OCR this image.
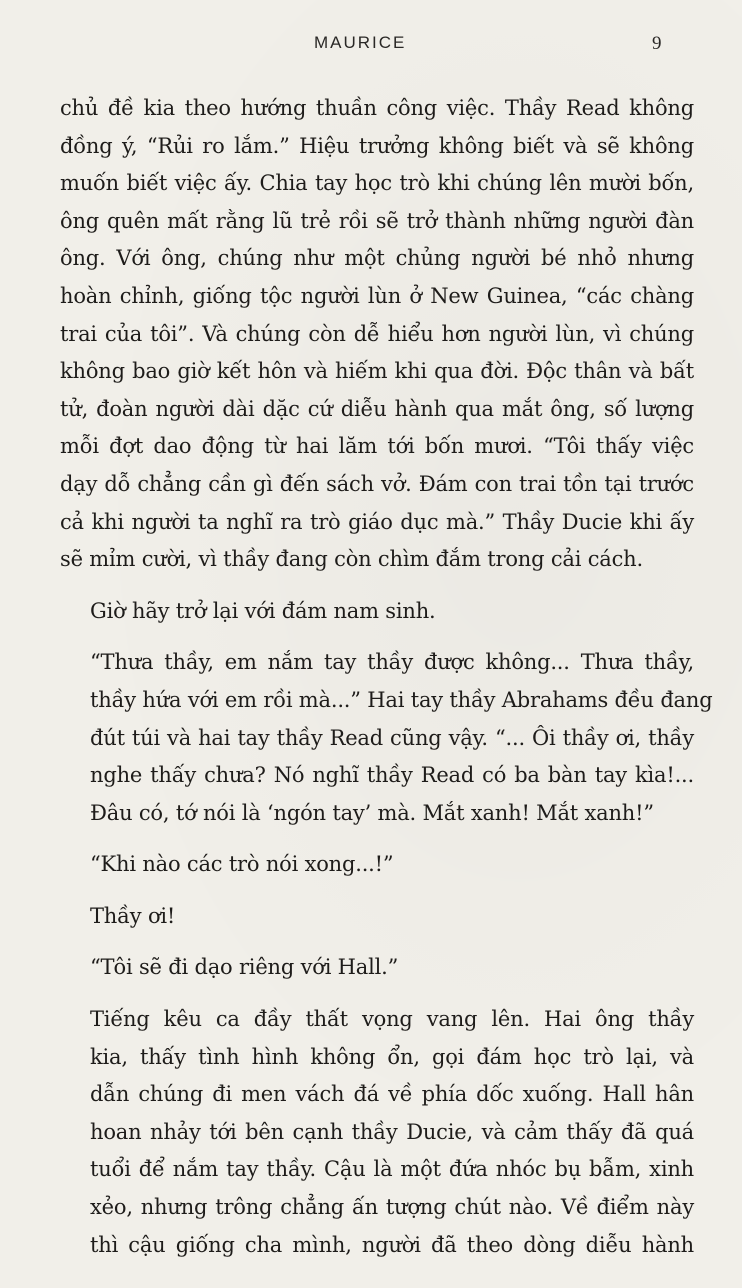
MAURICE	9

chủ đề kia theo hướng thuần công việc. Thầy Read không
đồng ý, “Rủi ro lắm.” Hiệu trưởng không biết và sẽ không
muốn biết việc ấy. Chia tay học trò khi chúng lên mười bốn,
ông quên mất rằng lũ trẻ rồi sẽ trở thành những người đàn
ông. Với ông, chúng như một chủng người bé nhỏ nhưng
hoàn chỉnh, giống tộc người lùn ở New Guinea, “các chàng
trai của tôi”. Và chúng còn dễ hiểu hơn người lùn, vì chúng
không bao giờ kết hôn và hiếm khi qua đời. Độc thân và bất
tử, đoàn người dài dặc cứ diễu hành qua mắt ông, số lượng
mỗi đợt dao động từ hai lăm tới bốn mươi. “Tôi thấy việc
dạy dỗ chẳng cần gì đến sách vở. Đám con trai tồn tại trước
cả khi người ta nghĩ ra trò giáo dục mà.” Thầy Ducie khi ấy
sẽ mỉm cười, vì thầy đang còn chìm đắm trong cải cách.

Giờ hãy trở lại với đám nam sinh.

“Thưa thầy, em nắm tay thầy được không... Thưa thầy,
thầy hứa với em rồi mà...” Hai tay thầy Abrahams đều đang
đút túi và hai tay thầy Read cũng vậy. “... Ôi thầy ơi, thầy
nghe thấy chưa? Nó nghĩ thầy Read có ba bàn tay kìa!...
Đâu có, tớ nói là ‘ngón tay’ mà. Mắt xanh! Mắt xanh!”

“Khi nào các trò nói xong...!”

Thầy ơi!

“Tôi sẽ đi dạo riêng với Hall.”

Tiếng kêu ca đầy thất vọng vang lên. Hai ông thầy
kia, thấy tình hình không ổn, gọi đám học trò lại, và
dẫn chúng đi men vách đá về phía dốc xuống. Hall hân
hoan nhảy tới bên cạnh thầy Ducie, và cảm thấy đã quá
tuổi để nắm tay thầy. Cậu là một đứa nhóc bụ bẫm, xinh
xẻo, nhưng trông chẳng ấn tượng chút nào. Về điểm này
thì cậu giống cha mình, người đã theo dòng diễu hành
